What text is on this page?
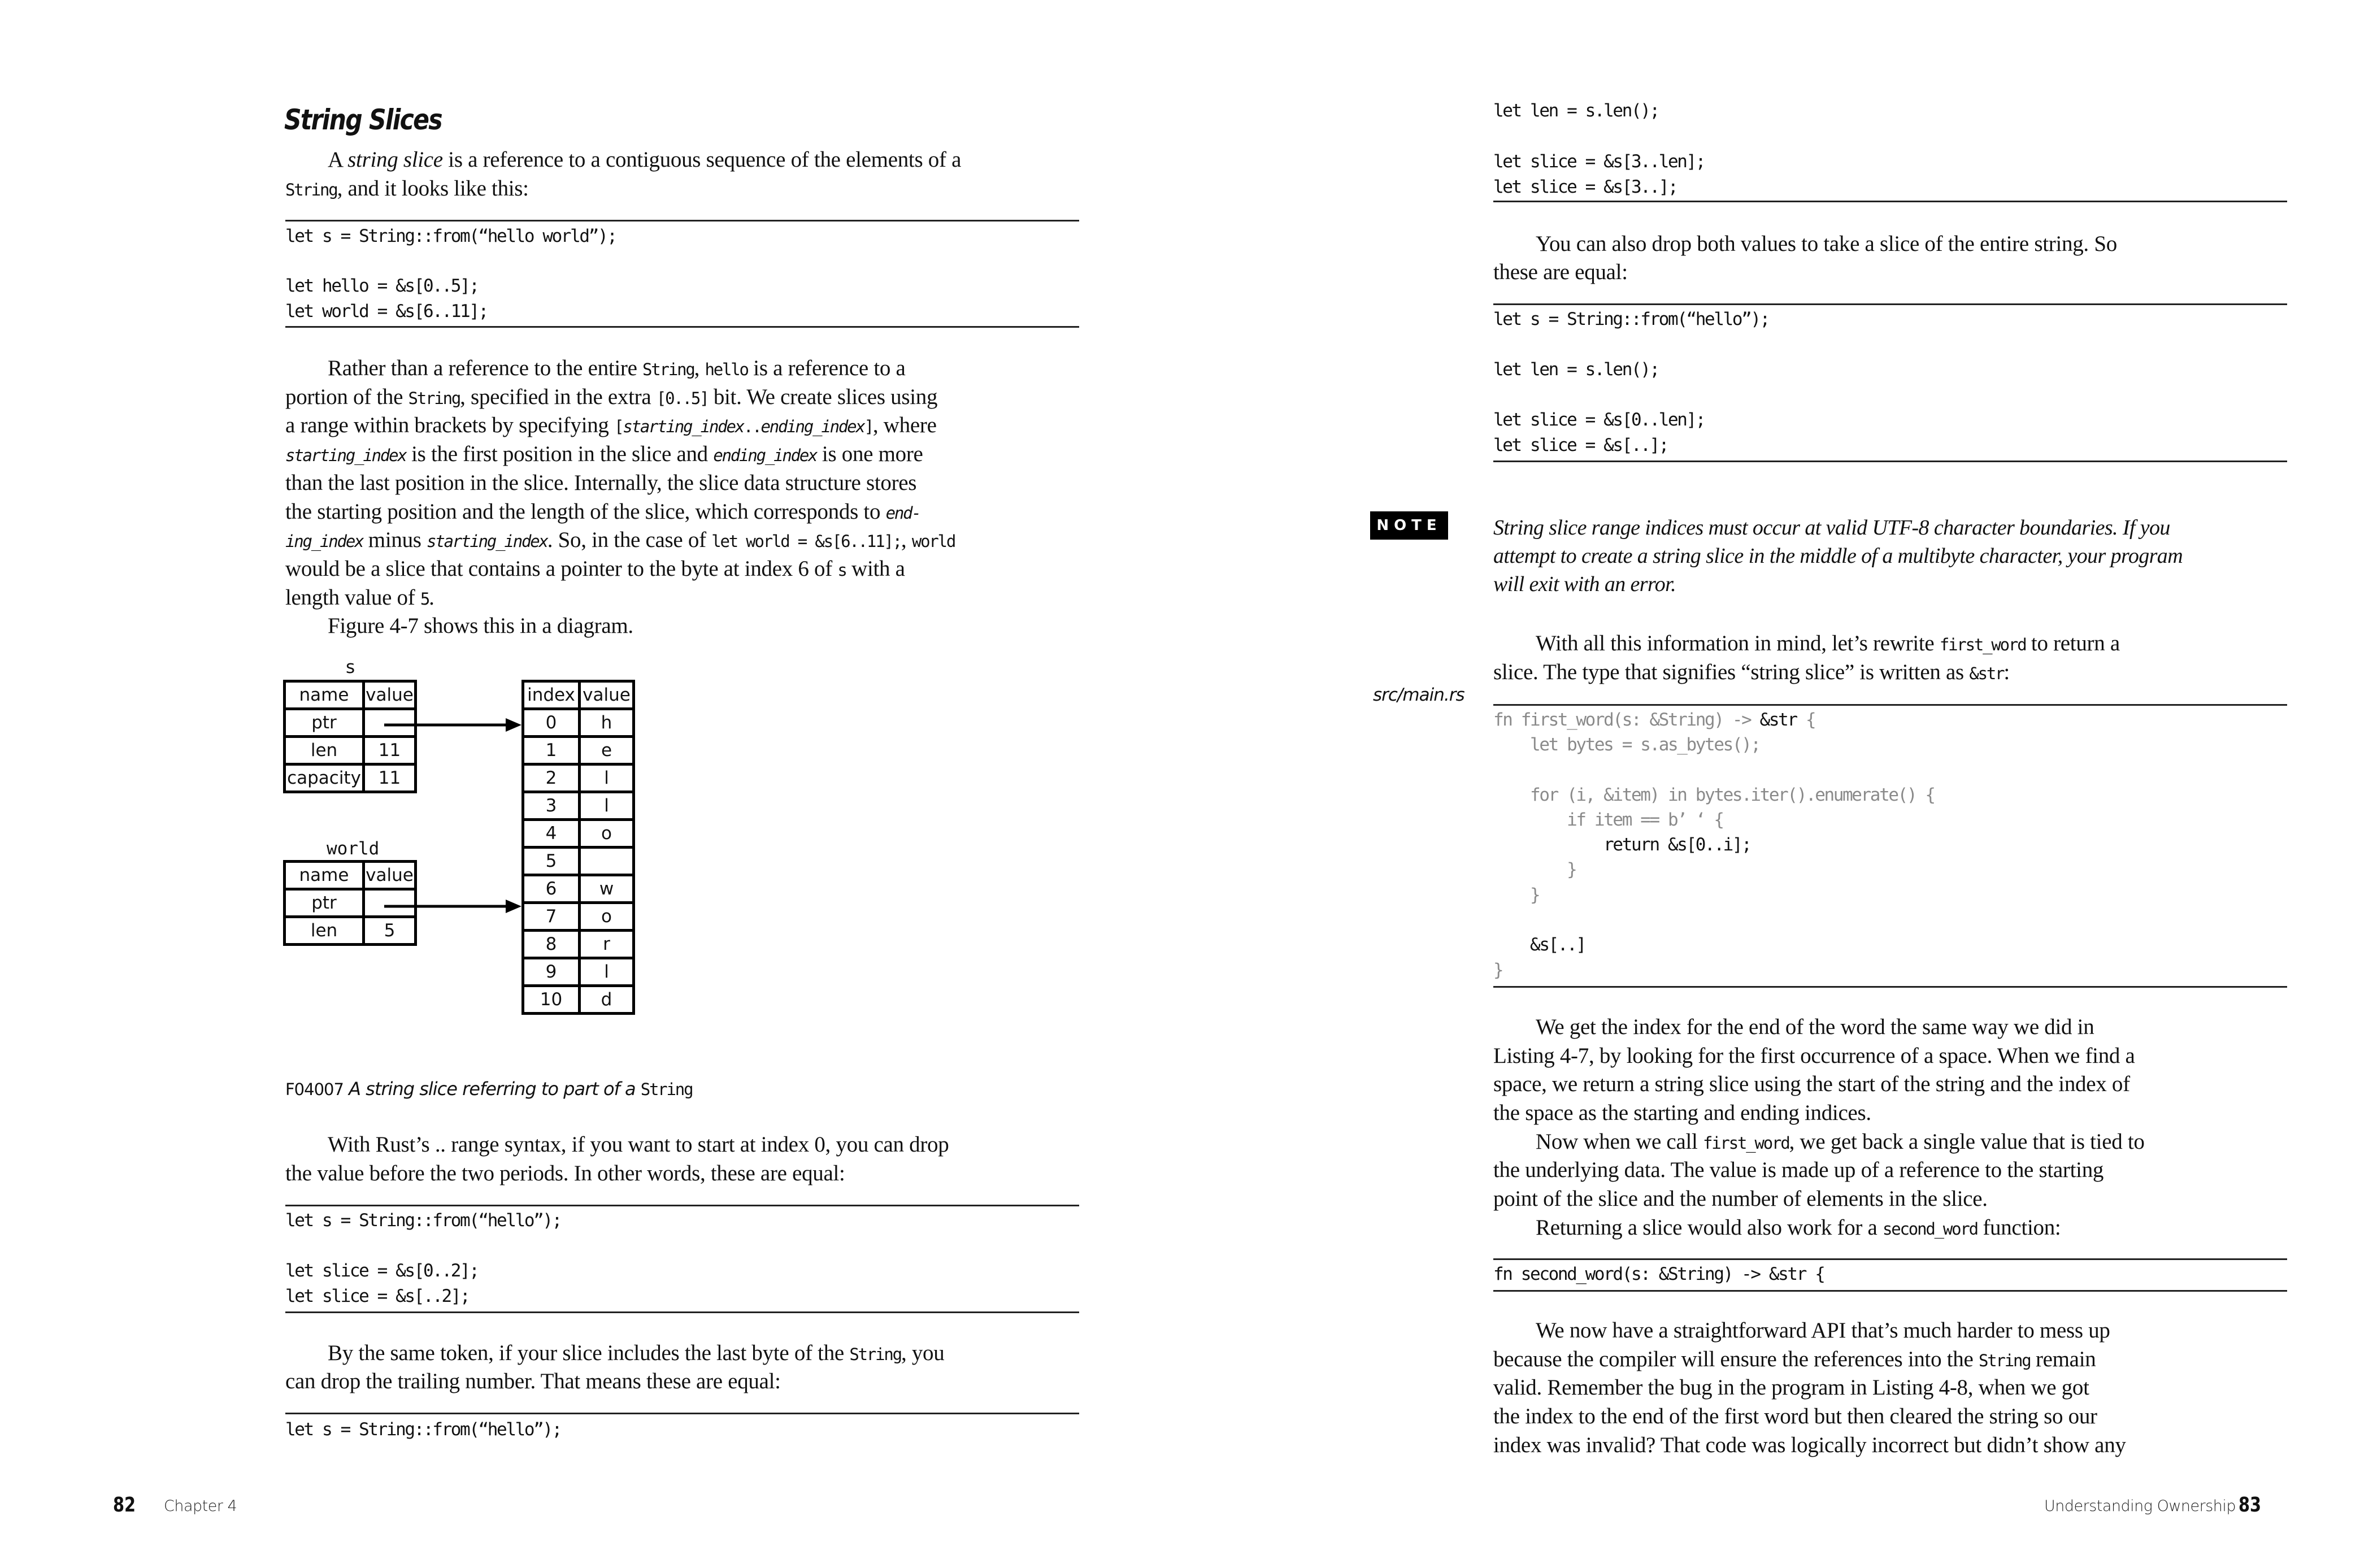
String Slices
A string slice is a reference to a contiguous sequence of the elements of a
String, and it looks like this:
let s = String::from(“hello world”);
let hello = &s[0..5];
let world = &s[6..11];
Rather than a reference to the entire String, hello is a reference to a
portion of the String, specified in the extra [0..5] bit. We create slices using
a range within brackets by specifying [starting_index..ending_index], where
starting_index is the first position in the slice and ending_index is one more
than the last position in the slice. Internally, the slice data structure stores
the starting position and the length of the slice, which corresponds to end-
ing_index minus starting_index. So, in the case of let world = &s[6..11];, world
would be a slice that contains a pointer to the byte at index 6 of s with a
length value of 5.
Figure 4-7 shows this in a diagram.
s
name	value
ptr	
len	11
capacity	11
world
name	value
ptr	
len	5
index	value
0	h
1	e
2	l
3	l
4	o
5	
6	w
7	o
8	r
9	l
10	d
F04007 A string slice referring to part of a String
With Rust’s .. range syntax, if you want to start at index 0, you can drop
the value before the two periods. In other words, these are equal:
let s = String::from(“hello”);
let slice = &s[0..2];
let slice = &s[..2];
By the same token, if your slice includes the last byte of the String, you
can drop the trailing number. That means these are equal:
let s = String::from(“hello”);
82 Chapter 4
let len = s.len();
let slice = &s[3..len];
let slice = &s[3..];
You can also drop both values to take a slice of the entire string. So
these are equal:
let s = String::from(“hello”);
let len = s.len();
let slice = &s[0..len];
let slice = &s[..];
NOTE String slice range indices must occur at valid UTF-8 character boundaries. If you
attempt to create a string slice in the middle of a multibyte character, your program
will exit with an error.
With all this information in mind, let’s rewrite first_word to return a
slice. The type that signifies “string slice” is written as &str:
src/main.rs
fn first_word(s: &String) -> &str {
let bytes = s.as_bytes();
for (i, &item) in bytes.iter().enumerate() {
if item == b’ ‘ {
return &s[0..i];
}
}
&s[..]
}
We get the index for the end of the word the same way we did in
Listing 4-7, by looking for the first occurrence of a space. When we find a
space, we return a string slice using the start of the string and the index of
the space as the starting and ending indices.
Now when we call first_word, we get back a single value that is tied to
the underlying data. The value is made up of a reference to the starting
point of the slice and the number of elements in the slice.
Returning a slice would also work for a second_word function:
fn second_word(s: &String) -> &str {
We now have a straightforward API that’s much harder to mess up
because the compiler will ensure the references into the String remain
valid. Remember the bug in the program in Listing 4-8, when we got
the index to the end of the first word but then cleared the string so our
index was invalid? That code was logically incorrect but didn’t show any
Understanding Ownership 83
